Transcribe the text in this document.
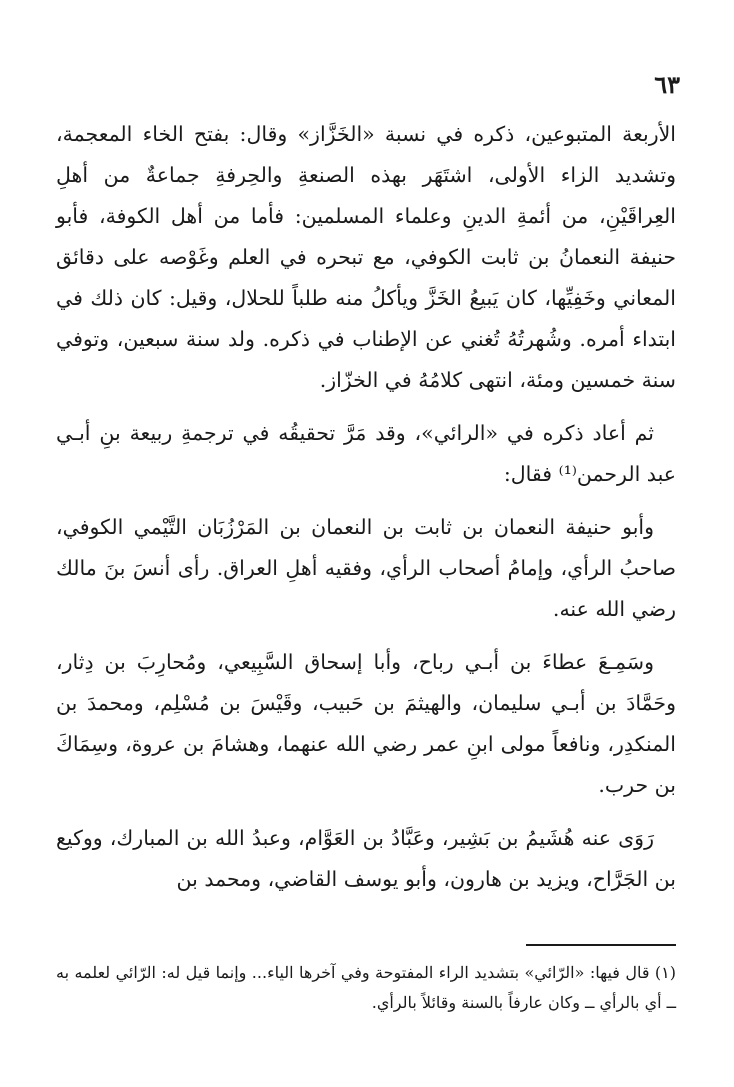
٦٣

الأربعة المتبوعين، ذكره في نسبة «الخَزَّاز» وقال: بفتح الخاء المعجمة، وتشديد الزاء الأولى، اشتَهَر بهذه الصنعةِ والحِرفةِ جماعةٌ من أهلِ العِراقَيْنِ، من أئمةِ الدينِ وعلماء المسلمين: فأما من أهل الكوفة، فأبو حنيفة النعمانُ بن ثابت الكوفي، مع تبحره في العلم وغَوْصه على دقائق المعاني وخَفِيِّها، كان يَبيعُ الخَزَّ ويأكلُ منه طلباً للحلال، وقيل: كان ذلك في ابتداء أمره. وشُهرتُهُ تُغني عن الإطناب في ذكره. ولد سنة سبعين، وتوفي سنة خمسين ومئة، انتهى كلامُهُ في الخزّاز.

ثم أعاد ذكره في «الرائي»، وقد مَرَّ تحقيقُه في ترجمةِ ربيعة بنِ أبـي عبد الرحمن⁽¹⁾ فقال:

وأبو حنيفة النعمان بن ثابت بن النعمان بن المَرْزُبَان التَّيْمي الكوفي، صاحبُ الرأي، وإمامُ أصحاب الرأي، وفقيه أهلِ العراق. رأى أنسَ بنَ مالك رضي الله عنه.

وسَمِـعَ عطاءَ بن أبـي رباح، وأبا إسحاق السَّبِيعي، ومُحارِبَ بن دِثار، وحَمَّادَ بن أبـي سليمان، والهيثمَ بن حَبيب، وقَيْسَ بن مُسْلِم، ومحمدَ بن المنكدِر، ونافعاً مولى ابنِ عمر رضي الله عنهما، وهشامَ بن عروة، وسِمَاكَ بن حرب.

رَوَى عنه هُشَيمُ بن بَشِير، وعَبَّادُ بن العَوَّام، وعبدُ الله بن المبارك، ووكيع بن الجَرَّاح، ويزيد بن هارون، وأبو يوسف القاضي، ومحمد بن

(١) قال فيها: «الرّائي» بتشديد الراء المفتوحة وفي آخرها الياء... وإنما قيل له: الرّائي لعلمه به ــ أي بالرأي ــ وكان عارفاً بالسنة وقائلاً بالرأي.
